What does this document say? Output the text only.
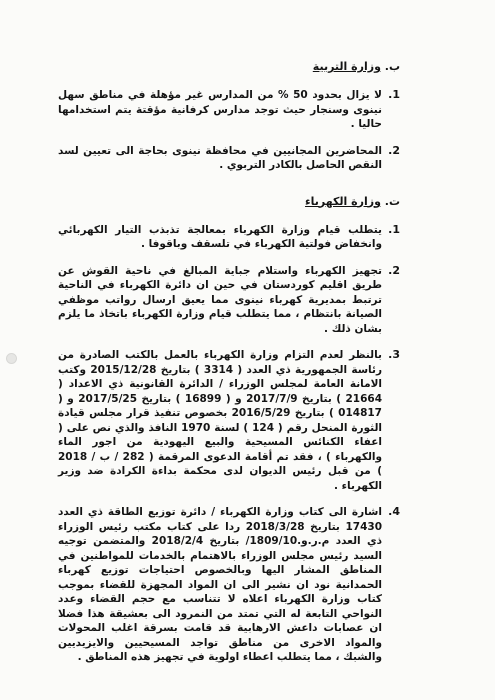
ب. وزارة التربية
1.
لا يزال بحدود 50 % من المدارس غير مؤهلة في مناطق سهل نينوى وسنجار حيث توجد مدارس كرفانية مؤقتة يتم استخدامها حاليا .
2.
المحاضرين المجانيين في محافظة نينوى بحاجة الى تعيين لسد النقص الحاصل بالكادر التربوي .
ت. وزارة الكهرباء
1.
يتطلب قيام وزارة الكهرباء بمعالجة تذبذب التيار الكهربائي وانخفاض فولتية الكهرباء في تلسقف وباقوفا .
2.
تجهيز الكهرباء واستلام جباية المبالغ في ناحية القوش عن طريق اقليم كوردستان في حين ان دائرة الكهرباء في الناحية ترتبط بمديرية كهرباء نينوى مما يعيق ارسال رواتب موظفي الصيانة بانتظام ، مما يتطلب قيام وزارة الكهرباء باتخاذ ما يلزم بشان ذلك .
3.
بالنظر لعدم التزام وزارة الكهرباء بالعمل بالكتب الصادرة من رئاسة الجمهورية ذي العدد ( 3314 ) بتاريخ 2015/12/28 وكتب الامانة العامة لمجلس الوزراء / الدائرة القانونية ذي الاعداد ( 21664 ) بتاريخ 2017/7/9 و ( 16899 ) بتاريخ 2017/5/25 و ( 014817 ) بتاريخ 2016/5/29 بخصوص تنفيذ قرار مجلس قيادة الثورة المنحل رقم ( 124 ) لسنة 1970 النافذ والذي نص على ( اعفاء الكنائس المسيحية والبيع اليهودية من اجور الماء والكهرباء ) ، فقد تم أقامة الدعوى المرقمة ( 282 / ب / 2018 ) من قبل رئيس الديوان لدى محكمة بداءة الكرادة ضد وزير الكهرباء .
4.
اشارة الى كتاب وزارة الكهرباء / دائرة توزيع الطاقة ذي العدد 17430 بتاريخ 2018/3/28 ردا على كتاب مكتب رئيس الوزراء ذي العدد م.ر.و.1809/10/ بتاريخ 2018/2/4 والمتضمن توجيه السيد رئيس مجلس الوزراء بالاهتمام بالخدمات للمواطنين في المناطق المشار اليها وبالخصوص احتياجات توزيع كهرباء الحمدانية نود ان نشير الى ان المواد المجهزة للقضاء بموجب كتاب وزارة الكهرباء اعلاه لا تتناسب مع حجم القضاء وعدد النواحي التابعة له التي تمتد من النمرود الى بعشيقة هذا فضلا ان عصابات داعش الارهابية قد قامت بسرقة اغلب المحولات والمواد الاخرى من مناطق تواجد المسيحيين والايزيديين والشبك ، مما يتطلب اعطاء اولوية في تجهيز هذه المناطق .
